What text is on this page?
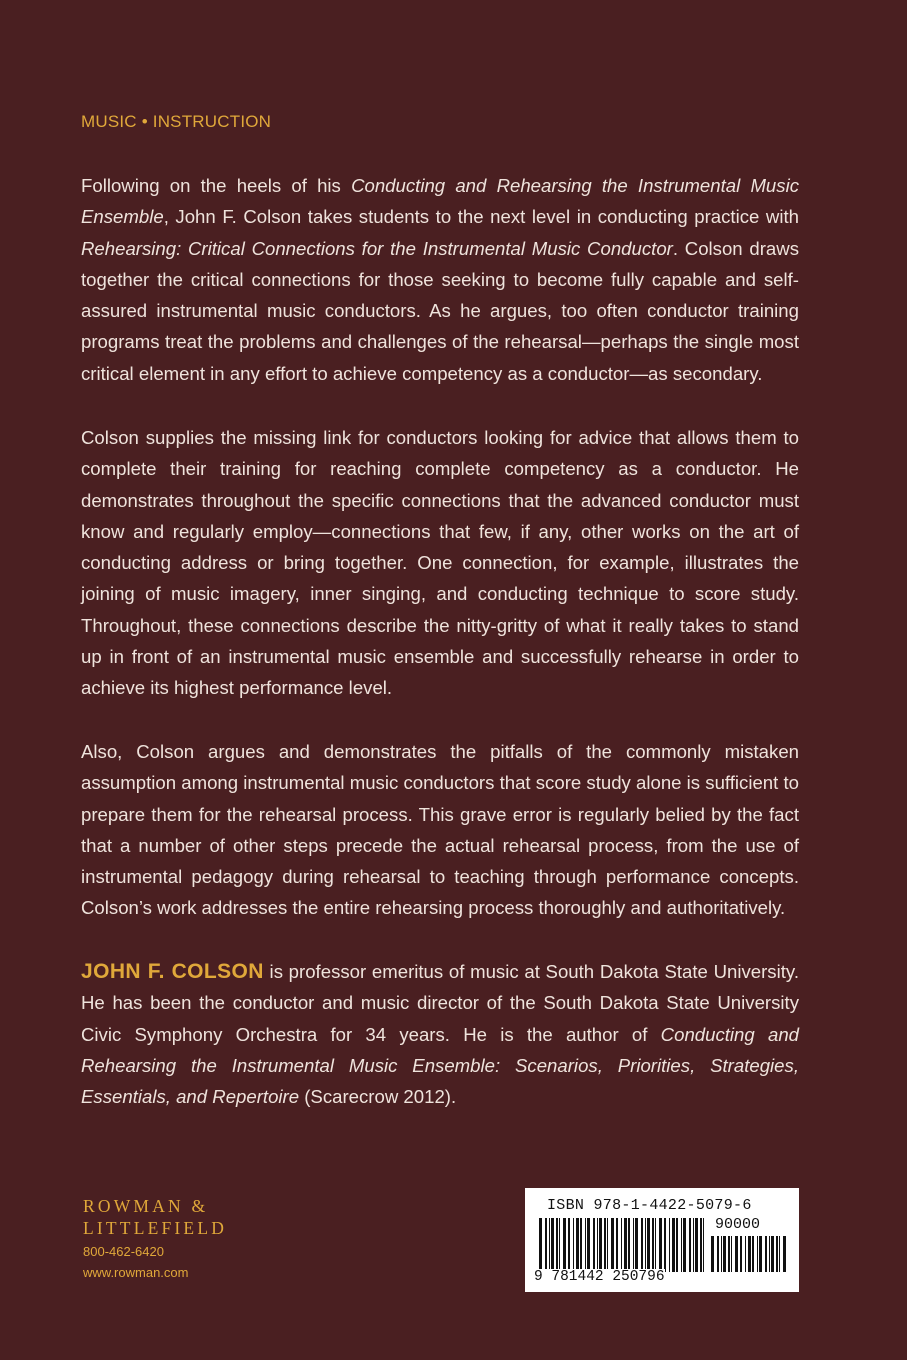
MUSIC • INSTRUCTION

Following on the heels of his Conducting and Rehearsing the Instrumental Music Ensemble, John F. Colson takes students to the next level in conducting practice with Rehearsing: Critical Connections for the Instrumental Music Conductor. Colson draws together the critical connections for those seeking to become fully capable and self-assured instrumental music conductors. As he argues, too often conductor training programs treat the problems and challenges of the rehearsal—perhaps the single most critical element in any effort to achieve competency as a conductor—as secondary.

Colson supplies the missing link for conductors looking for advice that allows them to complete their training for reaching complete competency as a conductor. He demonstrates throughout the specific connections that the advanced conductor must know and regularly employ—connections that few, if any, other works on the art of conducting address or bring together. One connection, for example, illustrates the joining of music imagery, inner singing, and conducting technique to score study. Throughout, these connections describe the nitty-gritty of what it really takes to stand up in front of an instrumental music ensemble and successfully rehearse in order to achieve its highest performance level.

Also, Colson argues and demonstrates the pitfalls of the commonly mistaken assumption among instrumental music conductors that score study alone is sufficient to prepare them for the rehearsal process. This grave error is regularly belied by the fact that a number of other steps precede the actual rehearsal process, from the use of instrumental pedagogy during rehearsal to teaching through performance concepts. Colson’s work addresses the entire rehearsing process thoroughly and authoritatively.

JOHN F. COLSON is professor emeritus of music at South Dakota State University. He has been the conductor and music director of the South Dakota State University Civic Symphony Orchestra for 34 years. He is the author of Conducting and Rehearsing the Instrumental Music Ensemble: Scenarios, Priorities, Strategies, Essentials, and Repertoire (Scarecrow 2012).

ROWMAN &
LITTLEFIELD
800-462-6420
www.rowman.com
ISBN 978-1-4422-5079-6
90000
9 781442 250796
